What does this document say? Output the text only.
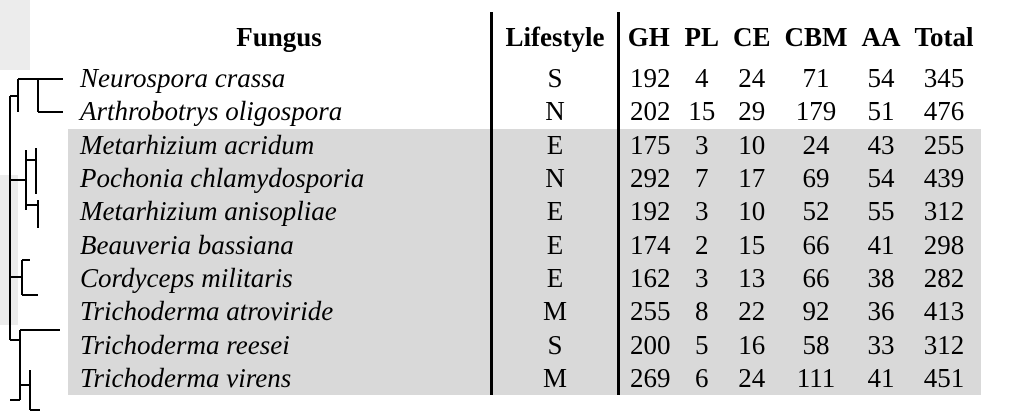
Fungus	Lifestyle	GH	PL	CE	CBM	AA	Total
Neurospora crassa	S	192	4	24	71	54	345
Arthrobotrys oligospora	N	202	15	29	179	51	476
Metarhizium acridum	E	175	3	10	24	43	255
Pochonia chlamydosporia	N	292	7	17	69	54	439
Metarhizium anisopliae	E	192	3	10	52	55	312
Beauveria bassiana	E	174	2	15	66	41	298
Cordyceps militaris	E	162	3	13	66	38	282
Trichoderma atroviride	M	255	8	22	92	36	413
Trichoderma reesei	S	200	5	16	58	33	312
Trichoderma virens	M	269	6	24	111	41	451
